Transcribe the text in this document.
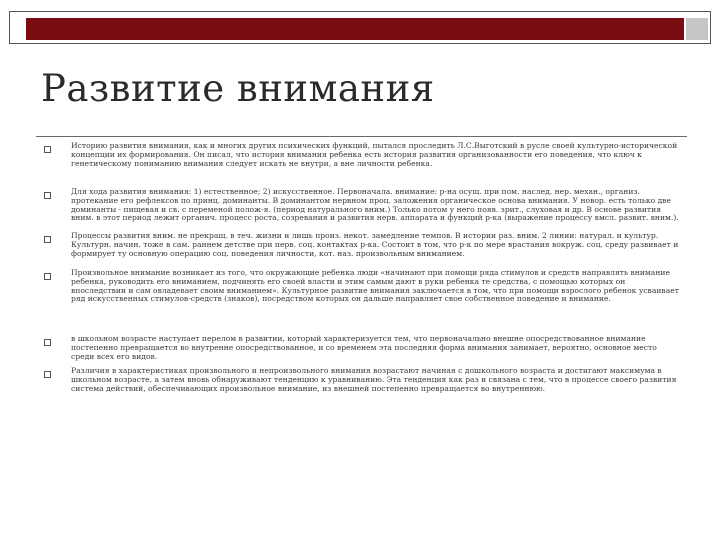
Развитие внимания
Историю развития внимания, как и многих других психических функций, пытался проследить Л.С.Выготский в русле своей культурно-исторической концепции их формирования. Он писал, что история внимания ребенка есть история развития организованности его поведения, что ключ к генетическому пониманию внимания следует искать не внутри, а вне личности ребенка.
Для хода развития внимания: 1) естественное; 2) искусственное. Первоначала. внимание: р-на осущ. при пом. наслед. нер. механ., организ. протекание его рефлексов по принц. доминанты. В доминантом нервном проц. заложения органическое основа внимания. У новор. есть только две доминанты - пищевая и св. с переменой полож-я. (период натурального вним.) Только потом у него появ. зрит., слуховая и др. В основе развития вним. в этот период лежит органич. процесс роста, созревания и развития нерв. аппарата и функций р-ка (выражение процессу вмсл. развит. вним.).
Процессы развития вним. не прекращ. в теч. жизни и лишь произ. некот. замедление темпов. В истории раз. вним. 2 линии: натурал. и культур. Культурн. начин. тоже в сам. раннем детстве при перв. соц. контактах р-ка. Состоит в том, что р-к по мере врастания вокруж. соц. среду развивает и формирует ту основную операцию соц. поведения личности, кот. наз. произвольным вниманием.
Произвольное внимание возникает из того, что окружающие ребенка люди «начинают при помощи ряда стимулов и средств направлять внимание ребенка, руководить его вниманием, подчинять его своей власти и этим самым дают в руки ребенка те средства, с помощью которых он впоследствии и сам овладевает своим вниманием». Культурное развитие внимания заключается в том, что при помощи взрослого ребенок усваивает ряд искусственных стимулов-средств (знаков), посредством которых он дальше направляет свое собственное поведение и внимание.
в школьном возрасте наступает перелом в развитии, который характеризуется тем, что первоначально внешне опосредствованное внимание постепенно превращается во внутренне опосредствованное, и со временем эта последняя форма внимания занимает, вероятно, основное место среди всех его видов.
Различия в характеристиках произвольного и непроизвольного внимания возрастают начиная с дошкольного возраста и достигают максимума в школьном возрасте, а затем вновь обнаруживают тенденцию к уравниванию. Эта тенденция как раз и связана с тем, что в процессе своего развития система действий, обеспечивающих произвольное внимание, из внешней постепенно превращается во внутреннюю.
